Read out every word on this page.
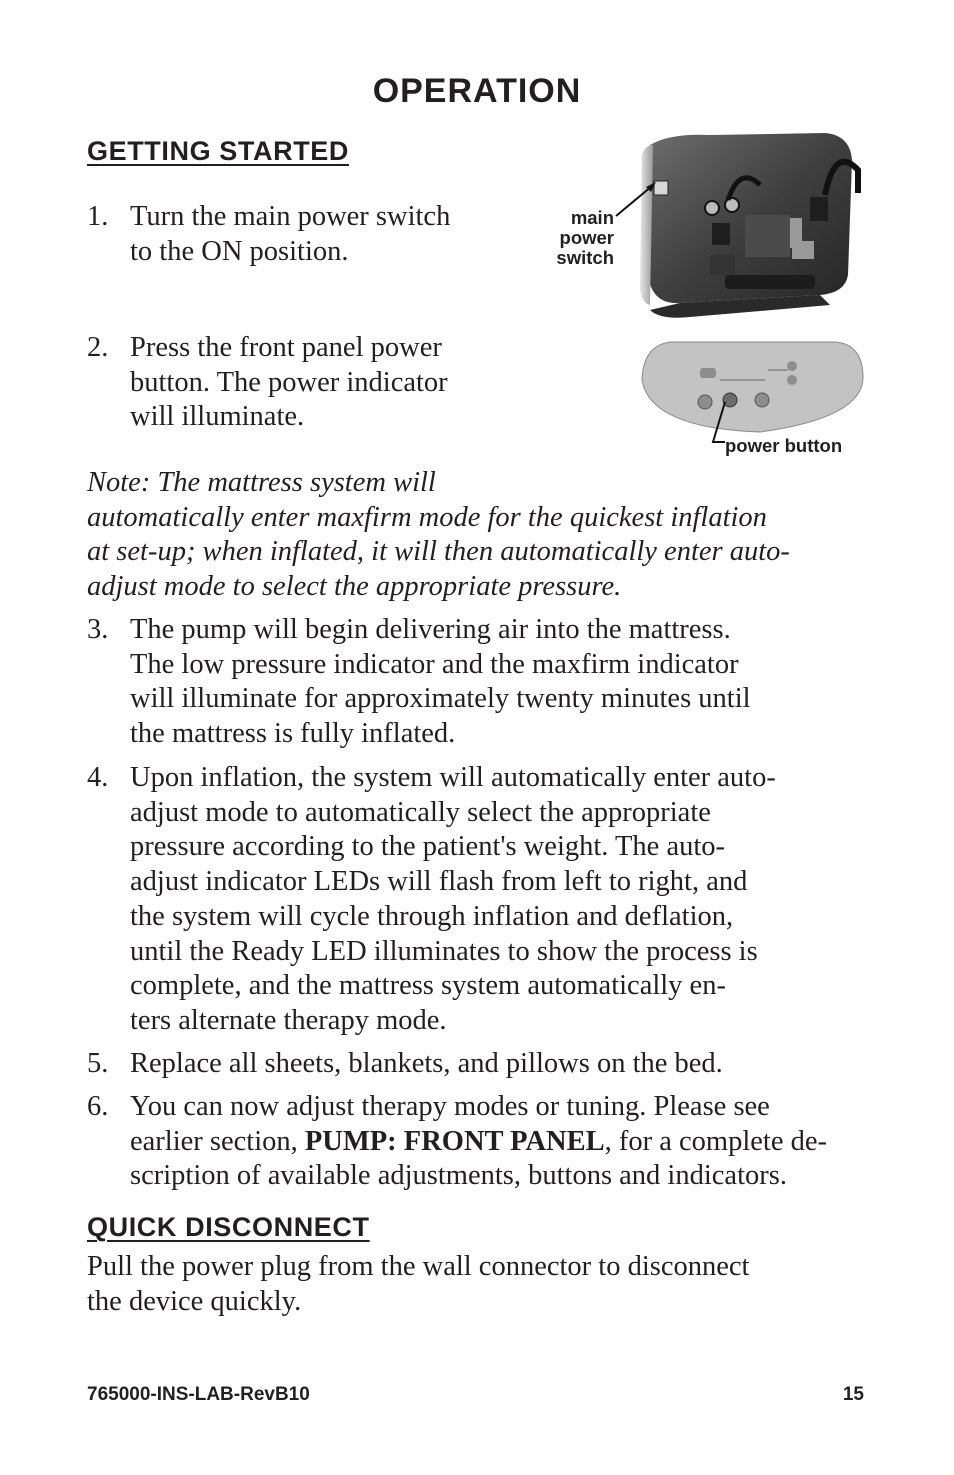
OPERATION
GETTING STARTED
1. Turn the main power switch
to the ON position.
2. Press the front panel power
button. The power indicator
will illuminate.
main
power
switch
power button
Note: The mattress system will
automatically enter maxfirm mode for the quickest inflation
at set-up; when inflated, it will then automatically enter auto-
adjust mode to select the appropriate pressure.
3. The pump will begin delivering air into the mattress.
The low pressure indicator and the maxfirm indicator
will illuminate for approximately twenty minutes until
the mattress is fully inflated.
4. Upon inflation, the system will automatically enter auto-
adjust mode to automatically select the appropriate
pressure according to the patient's weight. The auto-
adjust indicator LEDs will flash from left to right, and
the system will cycle through inflation and deflation,
until the Ready LED illuminates to show the process is
complete, and the mattress system automatically en-
ters alternate therapy mode.
5. Replace all sheets, blankets, and pillows on the bed.
6. You can now adjust therapy modes or tuning. Please see
earlier section, PUMP: FRONT PANEL, for a complete de-
scription of available adjustments, buttons and indicators.
QUICK DISCONNECT
Pull the power plug from the wall connector to disconnect
the device quickly.
765000-INS-LAB-RevB10	15
